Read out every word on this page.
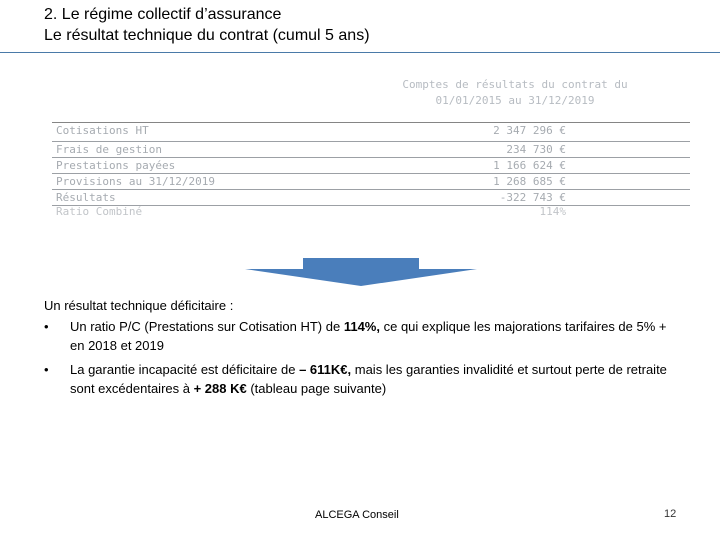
2. Le régime collectif d’assurance
Le résultat technique du contrat (cumul 5 ans)
Comptes de résultats du contrat du
01/01/2015 au 31/12/2019
Cotisations HT	2 347 296 €
Frais de gestion	234 730 €
Prestations payées	1 166 624 €
Provisions au 31/12/2019	1 268 685 €
Résultats	-322 743 €
Ratio Combiné	114%
Un résultat technique déficitaire :
• Un ratio P/C (Prestations sur Cotisation HT) de 114%, ce qui explique les majorations tarifaires de 5% + en 2018 et 2019
• La garantie incapacité est déficitaire de – 611K€, mais les garanties invalidité et surtout perte de retraite sont excédentaires à + 288 K€ (tableau page suivante)
ALCEGA Conseil	12
